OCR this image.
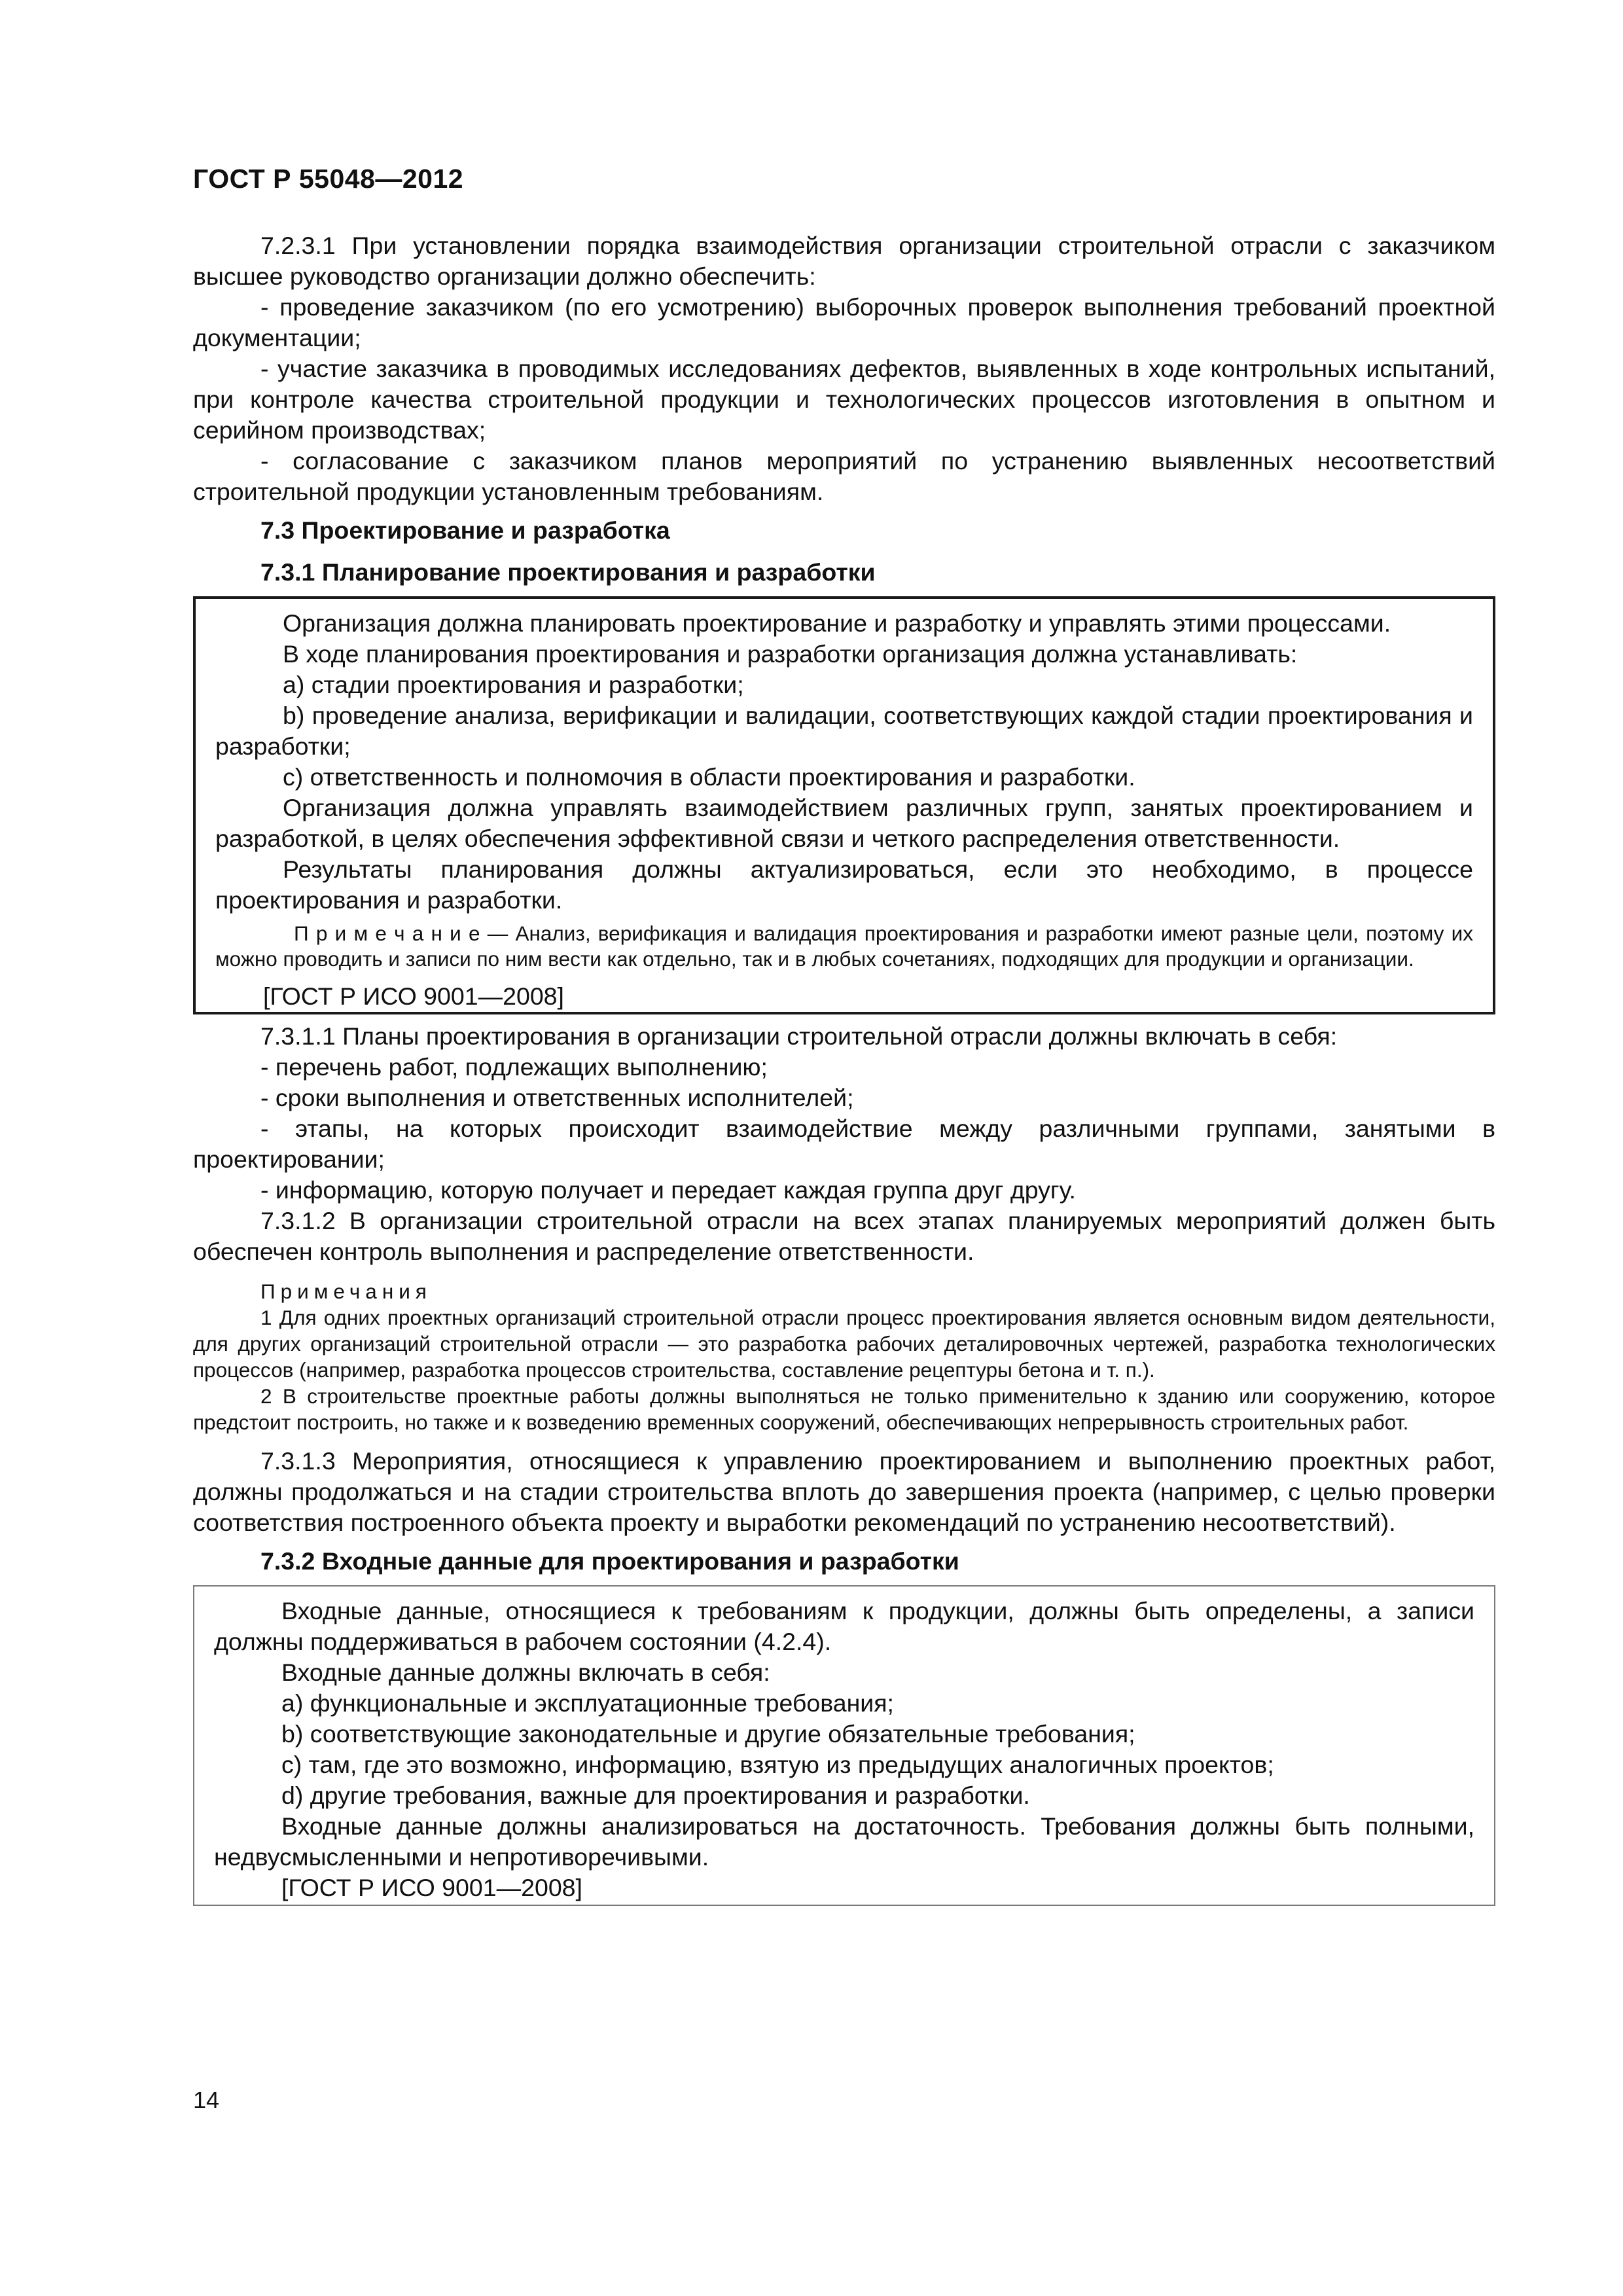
ГОСТ Р 55048—2012

7.2.3.1 При установлении порядка взаимодействия организации строительной отрасли с заказчиком высшее руководство организации должно обеспечить:

- проведение заказчиком (по его усмотрению) выборочных проверок выполнения требований проектной документации;

- участие заказчика в проводимых исследованиях дефектов, выявленных в ходе контрольных испытаний, при контроле качества строительной продукции и технологических процессов изготовления в опытном и серийном производствах;

- согласование с заказчиком планов мероприятий по устранению выявленных несоответствий строительной продукции установленным требованиям.

7.3 Проектирование и разработка

7.3.1 Планирование проектирования и разработки

Организация должна планировать проектирование и разработку и управлять этими процессами.

В ходе планирования проектирования и разработки организация должна устанавливать:

a) стадии проектирования и разработки;

b) проведение анализа, верификации и валидации, соответствующих каждой стадии проектирования и разработки;

c) ответственность и полномочия в области проектирования и разработки.

Организация должна управлять взаимодействием различных групп, занятых проектированием и разработкой, в целях обеспечения эффективной связи и четкого распределения ответственности.

Результаты планирования должны актуализироваться, если это необходимо, в процессе проектирования и разработки.

П р и м е ч а н и е — Анализ, верификация и валидация проектирования и разработки имеют разные цели, поэтому их можно проводить и записи по ним вести как отдельно, так и в любых сочетаниях, подходящих для продукции и организации.

[ГОСТ Р ИСО 9001—2008]

7.3.1.1 Планы проектирования в организации строительной отрасли должны включать в себя:

- перечень работ, подлежащих выполнению;

- сроки выполнения и ответственных исполнителей;

- этапы, на которых происходит взаимодействие между различными группами, занятыми в проектировании;

- информацию, которую получает и передает каждая группа друг другу.

7.3.1.2 В организации строительной отрасли на всех этапах планируемых мероприятий должен быть обеспечен контроль выполнения и распределение ответственности.

Примечания

1 Для одних проектных организаций строительной отрасли процесс проектирования является основным видом деятельности, для других организаций строительной отрасли — это разработка рабочих деталировочных чертежей, разработка технологических процессов (например, разработка процессов строительства, составление рецептуры бетона и т. п.).

2 В строительстве проектные работы должны выполняться не только применительно к зданию или сооружению, которое предстоит построить, но также и к возведению временных сооружений, обеспечивающих непрерывность строительных работ.

7.3.1.3 Мероприятия, относящиеся к управлению проектированием и выполнению проектных работ, должны продолжаться и на стадии строительства вплоть до завершения проекта (например, с целью проверки соответствия построенного объекта проекту и выработки рекомендаций по устранению несоответствий).

7.3.2 Входные данные для проектирования и разработки

Входные данные, относящиеся к требованиям к продукции, должны быть определены, а записи должны поддерживаться в рабочем состоянии (4.2.4).

Входные данные должны включать в себя:

a) функциональные и эксплуатационные требования;

b) соответствующие законодательные и другие обязательные требования;

c) там, где это возможно, информацию, взятую из предыдущих аналогичных проектов;

d) другие требования, важные для проектирования и разработки.

Входные данные должны анализироваться на достаточность. Требования должны быть полными, недвусмысленными и непротиворечивыми.

[ГОСТ Р ИСО 9001—2008]

14
